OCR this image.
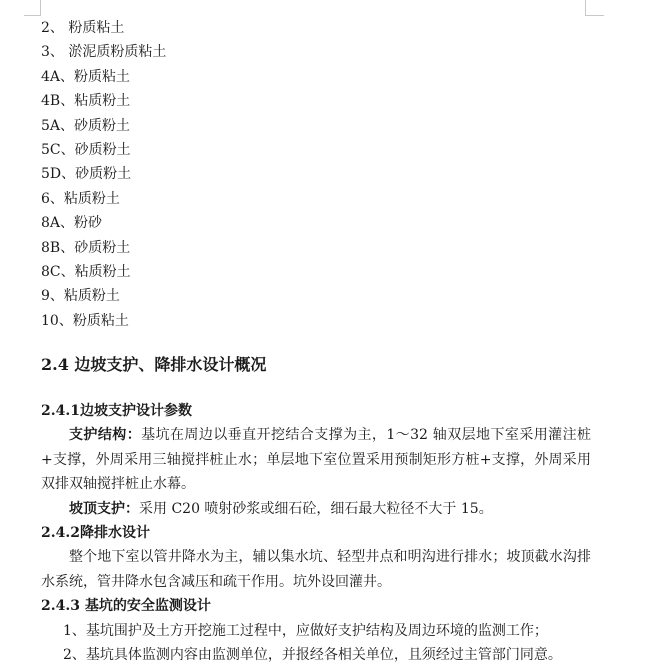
2、 粉质粘土
3、 淤泥质粉质粘土
4A、粉质粘土
4B、粘质粉土
5A、砂质粉土
5C、砂质粉土
5D、砂质粉土
6、粘质粉土
8A、粉砂
8B、砂质粉土
8C、粘质粉土
9、粘质粉土
10、粉质粘土
2.4 边坡支护、降排水设计概况
2.4.1边坡支护设计参数

支护结构：基坑在周边以垂直开挖结合支撑为主，1～32 轴双层地下室采用灌注桩+支撑，外周采用三轴搅拌桩止水；单层地下室位置采用预制矩形方桩+支撑，外周采用双排双轴搅拌桩止水幕。

坡顶支护：采用 C20 喷射砂浆或细石砼，细石最大粒径不大于 15。

2.4.2降排水设计

整个地下室以管井降水为主，辅以集水坑、轻型井点和明沟进行排水；坡顶截水沟排水系统，管井降水包含减压和疏干作用。坑外设回灌井。

2.4.3 基坑的安全监测设计
1、基坑围护及土方开挖施工过程中，应做好支护结构及周边环境的监测工作；
2、基坑具体监测内容由监测单位，并报经各相关单位，且须经过主管部门同意。
